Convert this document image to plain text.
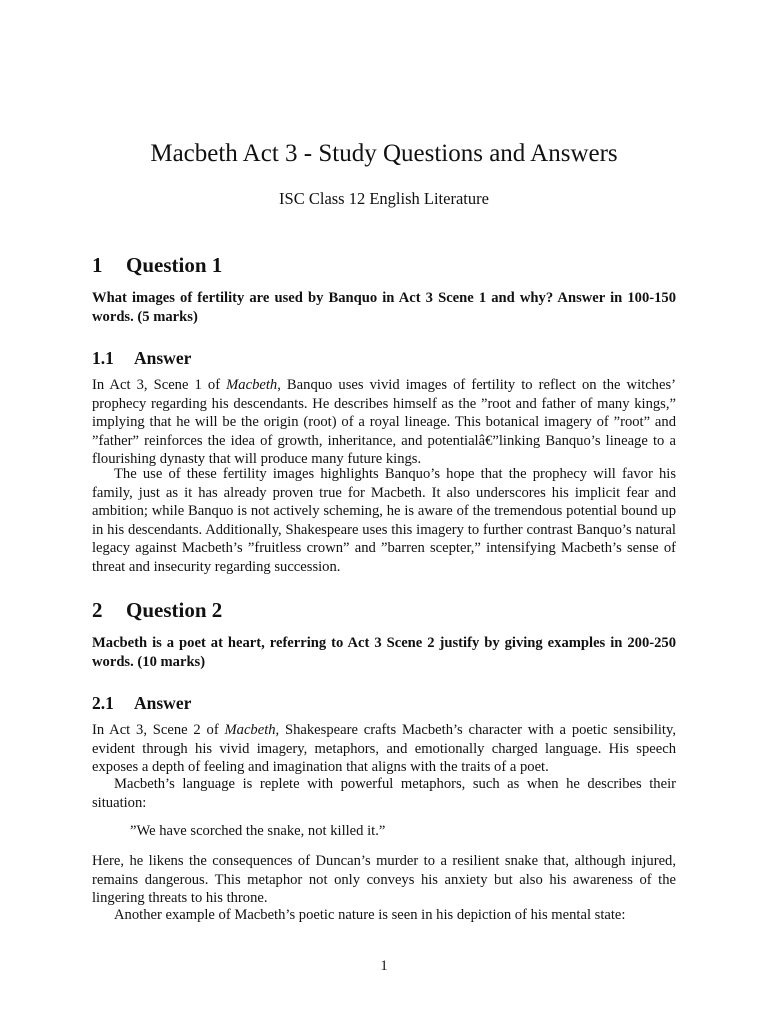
Macbeth Act 3 - Study Questions and Answers
ISC Class 12 English Literature
1 Question 1
What images of fertility are used by Banquo in Act 3 Scene 1 and why? Answer in 100-150 words. (5 marks)
1.1 Answer

In Act 3, Scene 1 of Macbeth, Banquo uses vivid images of fertility to reflect on the witches’ prophecy regarding his descendants. He describes himself as the ”root and father of many kings,” implying that he will be the origin (root) of a royal lineage. This botanical imagery of ”root” and ”father” reinforces the idea of growth, inheritance, and potentialâ€”linking Banquo’s lineage to a flourishing dynasty that will produce many future kings.

The use of these fertility images highlights Banquo’s hope that the prophecy will favor his family, just as it has already proven true for Macbeth. It also underscores his implicit fear and ambition; while Banquo is not actively scheming, he is aware of the tremendous potential bound up in his descendants. Additionally, Shakespeare uses this imagery to further contrast Banquo’s natural legacy against Macbeth’s ”fruitless crown” and ”barren scepter,” intensifying Macbeth’s sense of threat and insecurity regarding succession.

2 Question 2
Macbeth is a poet at heart, referring to Act 3 Scene 2 justify by giving examples in 200-250 words. (10 marks)
2.1 Answer

In Act 3, Scene 2 of Macbeth, Shakespeare crafts Macbeth’s character with a poetic sensibility, evident through his vivid imagery, metaphors, and emotionally charged language. His speech exposes a depth of feeling and imagination that aligns with the traits of a poet.

Macbeth’s language is replete with powerful metaphors, such as when he describes their situation:

”We have scorched the snake, not killed it.”

Here, he likens the consequences of Duncan’s murder to a resilient snake that, although injured, remains dangerous. This metaphor not only conveys his anxiety but also his awareness of the lingering threats to his throne.

Another example of Macbeth’s poetic nature is seen in his depiction of his mental state:

1
